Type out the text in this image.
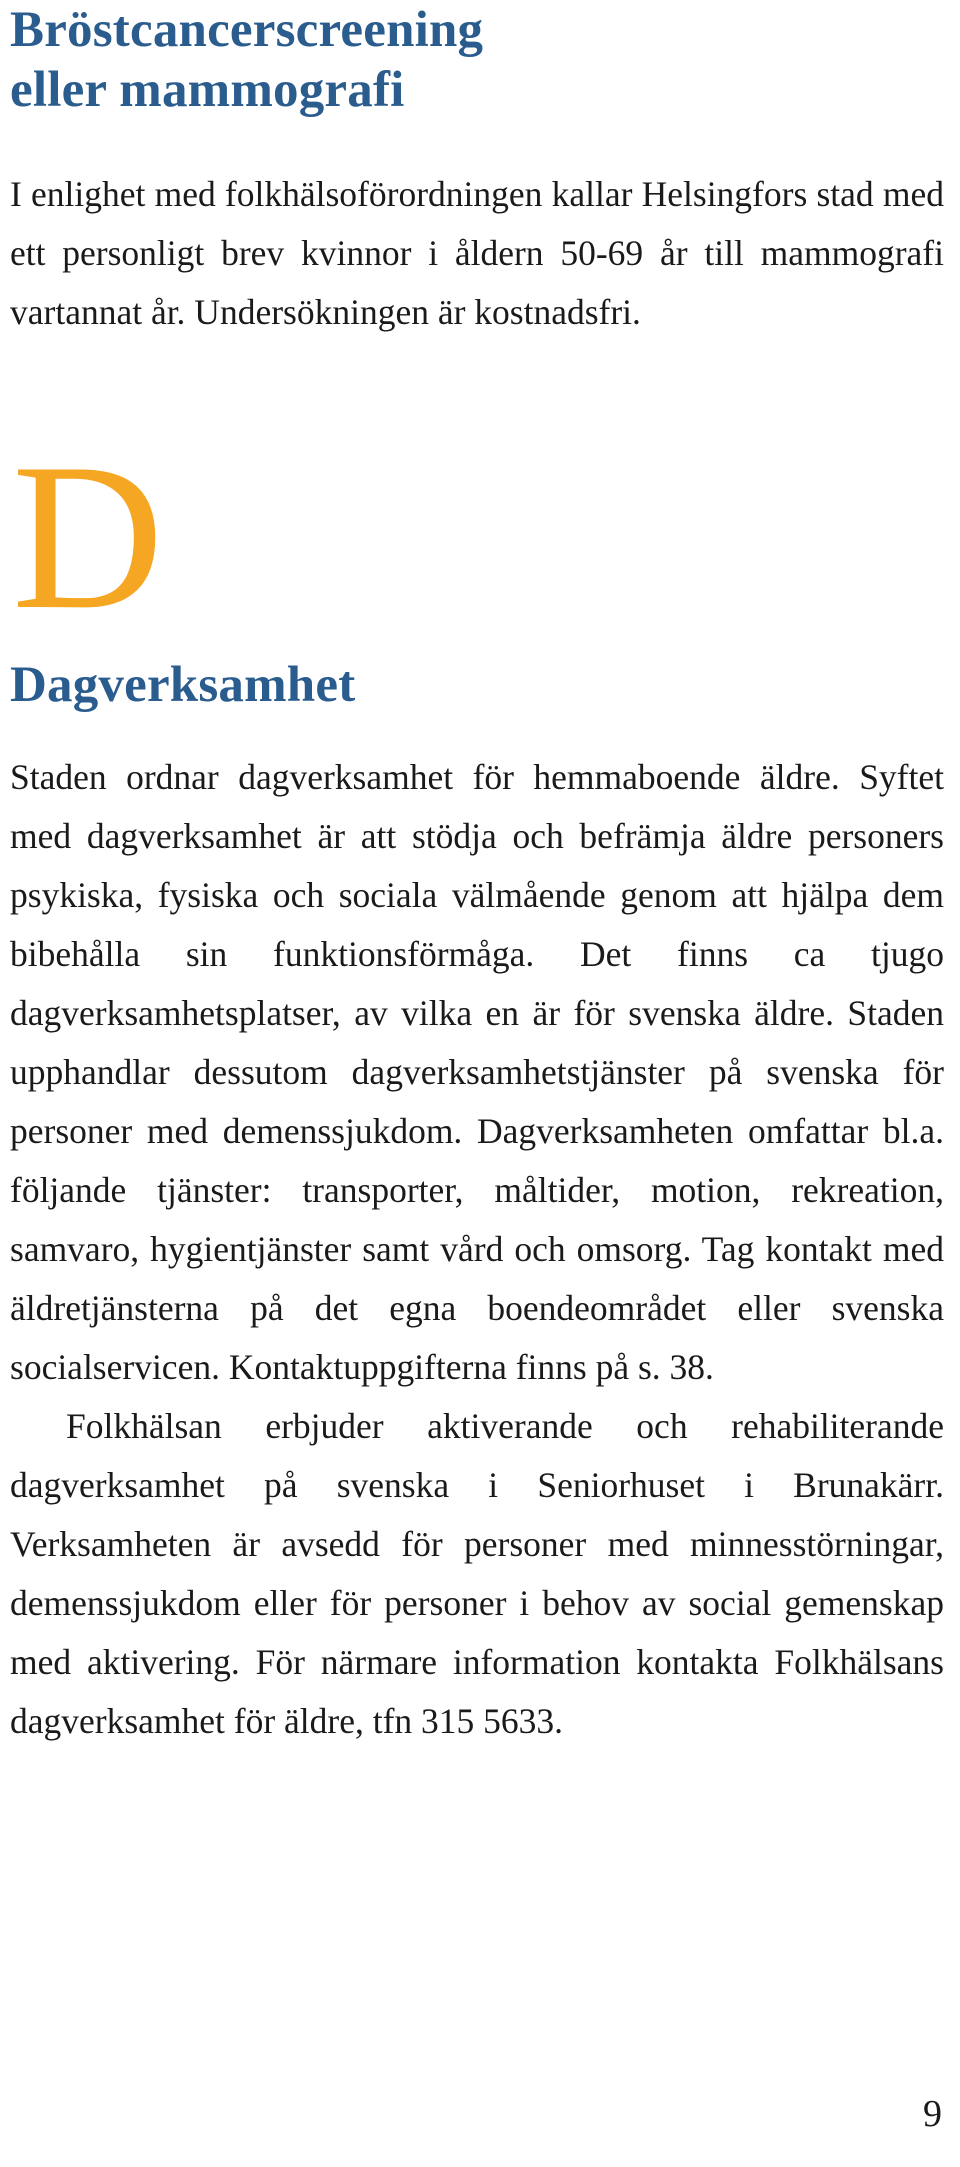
Bröstcancerscreening
eller mammografi

I enlighet med folkhälsoförordningen kallar Helsingfors stad med ett personligt brev kvinnor i åldern 50-69 år till mammografi vartannat år. Undersökningen är kostnadsfri.

D
Dagverksamhet

Staden ordnar dagverksamhet för hemmaboende äldre. Syftet med dagverksamhet är att stödja och befrämja äldre personers psykiska, fysiska och sociala välmående genom att hjälpa dem bibehålla sin funktionsförmåga. Det finns ca tjugo dagverksamhetsplatser, av vilka en är för svenska äldre. Staden upphandlar dessutom dagverksamhetstjänster på svenska för personer med demenssjukdom. Dagverksamheten omfattar bl.a. följande tjänster: transporter, måltider, motion, rekreation, samvaro, hygientjänster samt vård och omsorg. Tag kontakt med äldretjänsterna på det egna boendeområdet eller svenska socialservicen. Kontaktuppgifterna finns på s. 38.

Folkhälsan erbjuder aktiverande och rehabiliterande dagverksamhet på svenska i Seniorhuset i Brunakärr. Verksamheten är avsedd för personer med minnesstörningar, demenssjukdom eller för personer i behov av social gemenskap med aktivering. För närmare information kontakta Folkhälsans dagverksamhet för äldre, tfn 315 5633.

9
